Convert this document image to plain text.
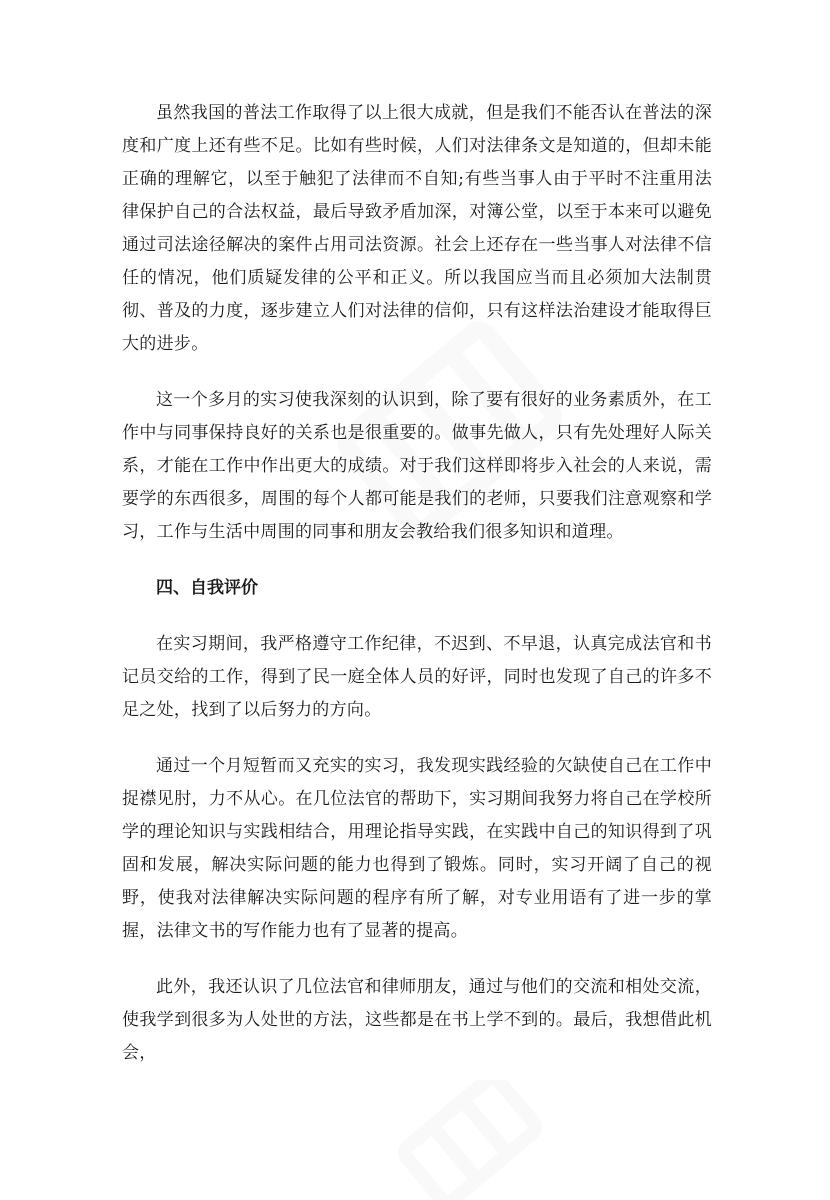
虽然我国的普法工作取得了以上很大成就，但是我们不能否认在普法的深度和广度上还有些不足。比如有些时候，人们对法律条文是知道的，但却未能正确的理解它，以至于触犯了法律而不自知;有些当事人由于平时不注重用法律保护自己的合法权益，最后导致矛盾加深，对簿公堂，以至于本来可以避免通过司法途径解决的案件占用司法资源。社会上还存在一些当事人对法律不信任的情况，他们质疑发律的公平和正义。所以我国应当而且必须加大法制贯彻、普及的力度，逐步建立人们对法律的信仰，只有这样法治建设才能取得巨大的进步。

这一个多月的实习使我深刻的认识到，除了要有很好的业务素质外，在工作中与同事保持良好的关系也是很重要的。做事先做人，只有先处理好人际关系，才能在工作中作出更大的成绩。对于我们这样即将步入社会的人来说，需要学的东西很多，周围的每个人都可能是我们的老师，只要我们注意观察和学习，工作与生活中周围的同事和朋友会教给我们很多知识和道理。

四、自我评价

在实习期间，我严格遵守工作纪律，不迟到、不早退，认真完成法官和书记员交给的工作，得到了民一庭全体人员的好评，同时也发现了自己的许多不足之处，找到了以后努力的方向。

通过一个月短暂而又充实的实习，我发现实践经验的欠缺使自己在工作中捉襟见肘，力不从心。在几位法官的帮助下，实习期间我努力将自己在学校所学的理论知识与实践相结合，用理论指导实践，在实践中自己的知识得到了巩固和发展，解决实际问题的能力也得到了锻炼。同时，实习开阔了自己的视野，使我对法律解决实际问题的程序有所了解，对专业用语有了进一步的掌握，法律文书的写作能力也有了显著的提高。

此外，我还认识了几位法官和律师朋友，通过与他们的交流和相处交流，使我学到很多为人处世的方法，这些都是在书上学不到的。最后，我想借此机会，
